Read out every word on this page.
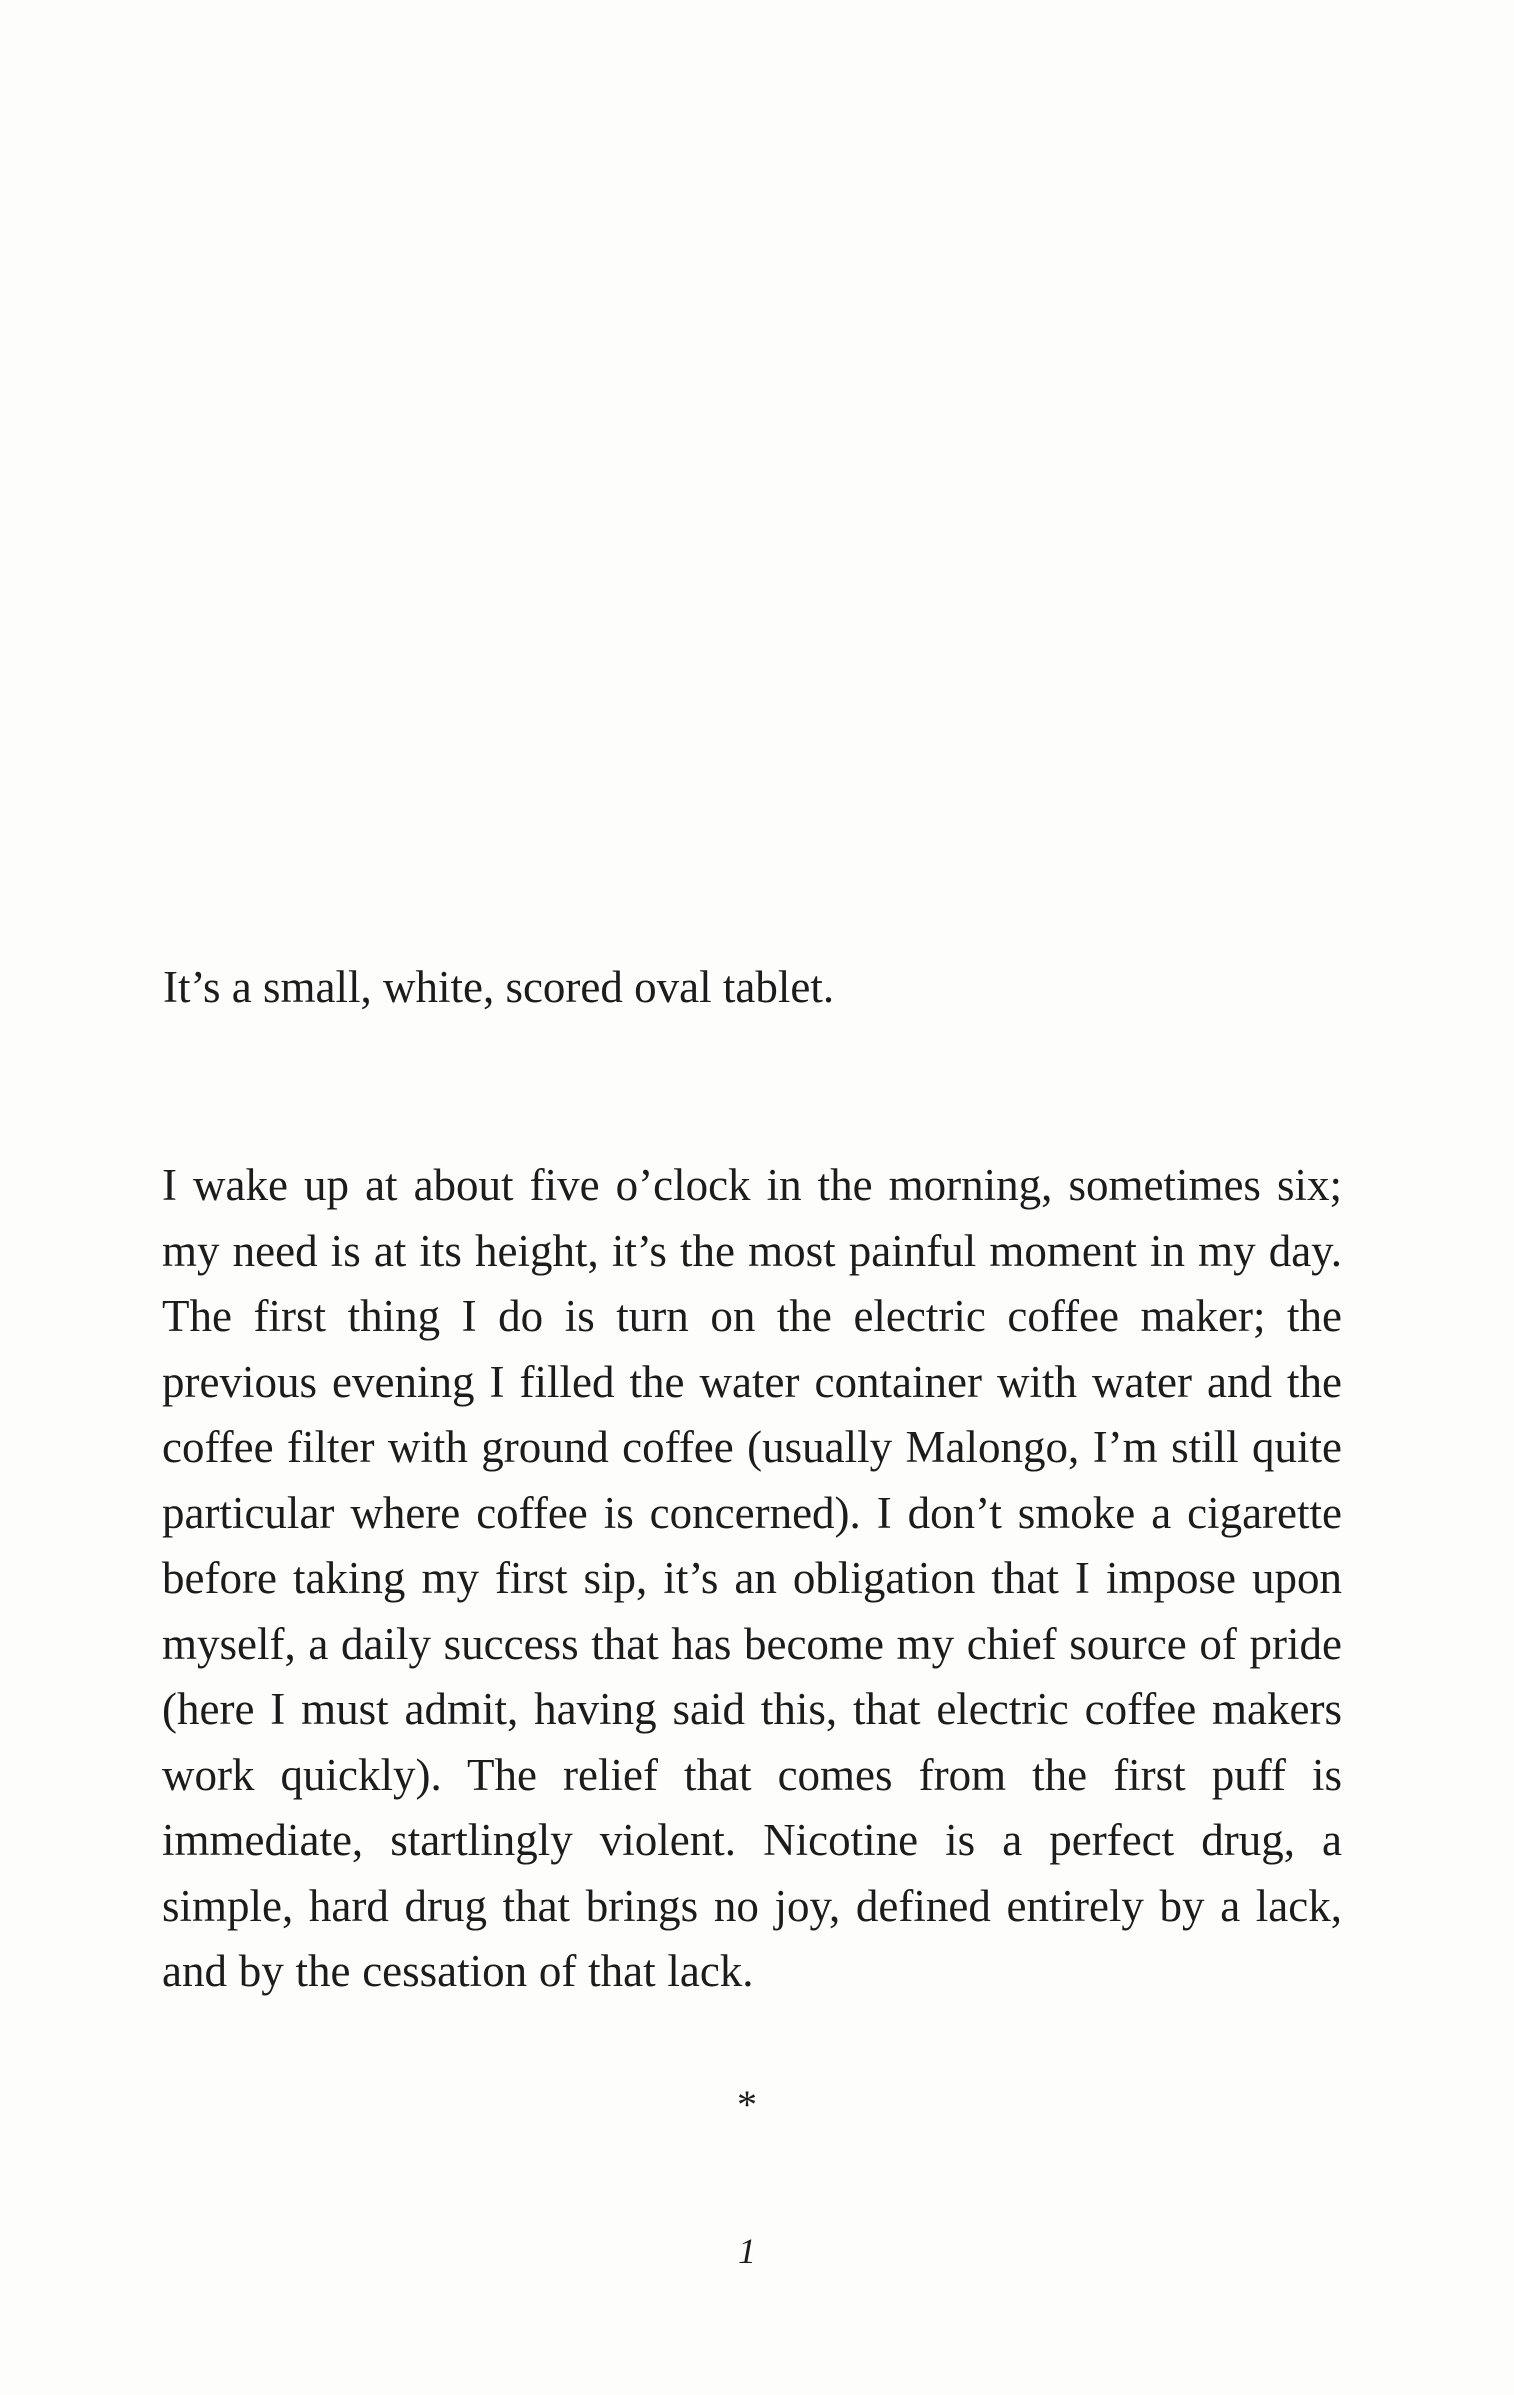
It’s a small, white, scored oval tablet.

I wake up at about five o’clock in the morning, sometimes six; my need is at its height, it’s the most painful moment in my day. The first thing I do is turn on the electric coffee maker; the previous evening I filled the water container with water and the coffee filter with ground coffee (usually Malongo, I’m still quite particular where coffee is concerned). I don’t smoke a cigarette before taking my first sip, it’s an obligation that I impose upon myself, a daily success that has become my chief source of pride (here I must admit, having said this, that electric coffee makers work quickly). The relief that comes from the first puff is immediate, startlingly violent. Nicotine is a perfect drug, a simple, hard drug that brings no joy, defined entirely by a lack, and by the cessation of that lack.

*
1
